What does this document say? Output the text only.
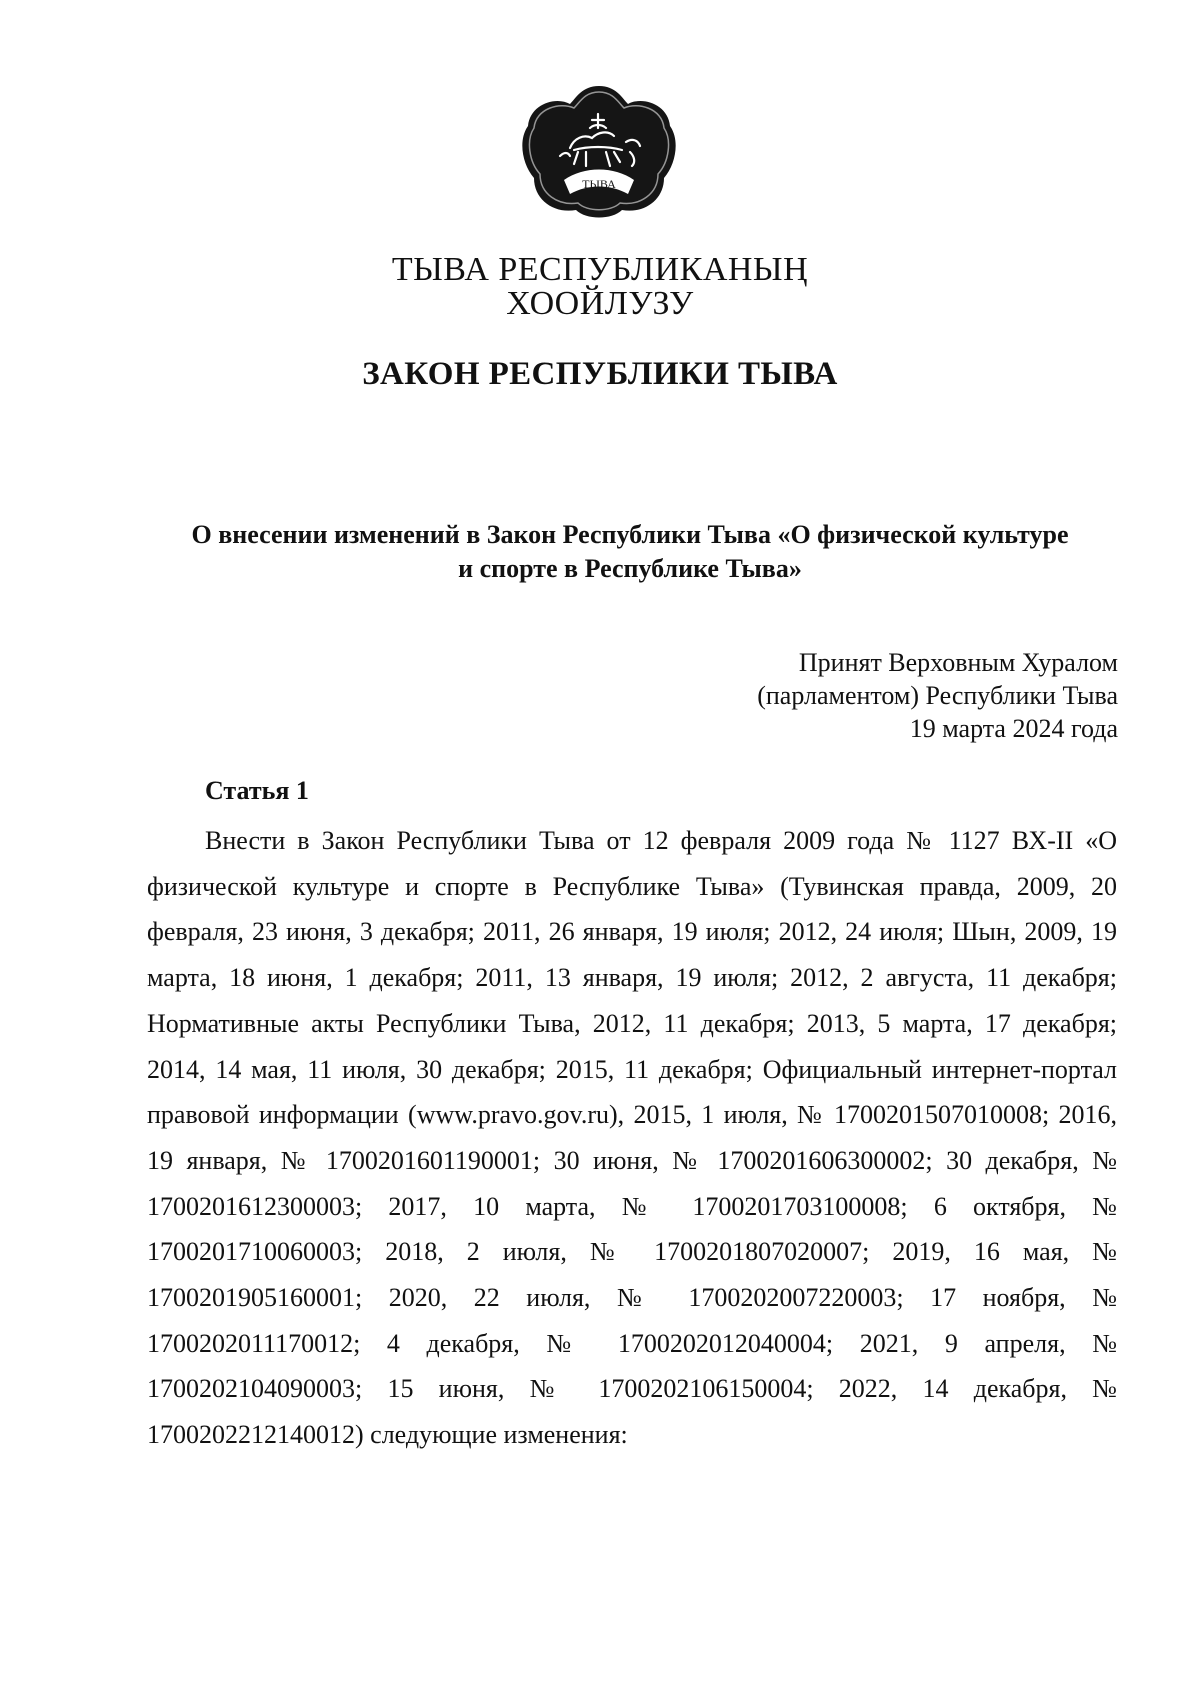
ТЫВА
ТЫВА РЕСПУБЛИКАНЫҢ
ХООЙЛУЗУ
ЗАКОН РЕСПУБЛИКИ ТЫВА
О внесении изменений в Закон Республики Тыва «О физической культуре
и спорте в Республике Тыва»
Принят Верховным Хуралом
(парламентом) Республики Тыва
19 марта 2024 года
Статья 1

Внести в Закон Республики Тыва от 12 февраля 2009 года № 1127 ВХ-II «О физической культуре и спорте в Республике Тыва» (Тувинская правда, 2009, 20 февраля, 23 июня, 3 декабря; 2011, 26 января, 19 июля; 2012, 24 июля; Шын, 2009, 19 марта, 18 июня, 1 декабря; 2011, 13 января, 19 июля; 2012, 2 августа, 11 декабря; Нормативные акты Республики Тыва, 2012, 11 декабря; 2013, 5 марта, 17 декабря; 2014, 14 мая, 11 июля, 30 декабря; 2015, 11 декабря; Официальный интернет-портал правовой информации (www.pravo.gov.ru), 2015, 1 июля, № 1700201507010008; 2016, 19 января, № 1700201601190001; 30 июня, № 1700201606300002; 30 декабря, № 1700201612300003; 2017, 10 марта, № 1700201703100008; 6 октября, № 1700201710060003; 2018, 2 июля, № 1700201807020007; 2019, 16 мая, № 1700201905160001; 2020, 22 июля, № 1700202007220003; 17 ноября, № 1700202011170012; 4 декабря, № 1700202012040004; 2021, 9 апреля, № 1700202104090003; 15 июня, № 1700202106150004; 2022, 14 декабря, № 1700202212140012) следующие изменения:
